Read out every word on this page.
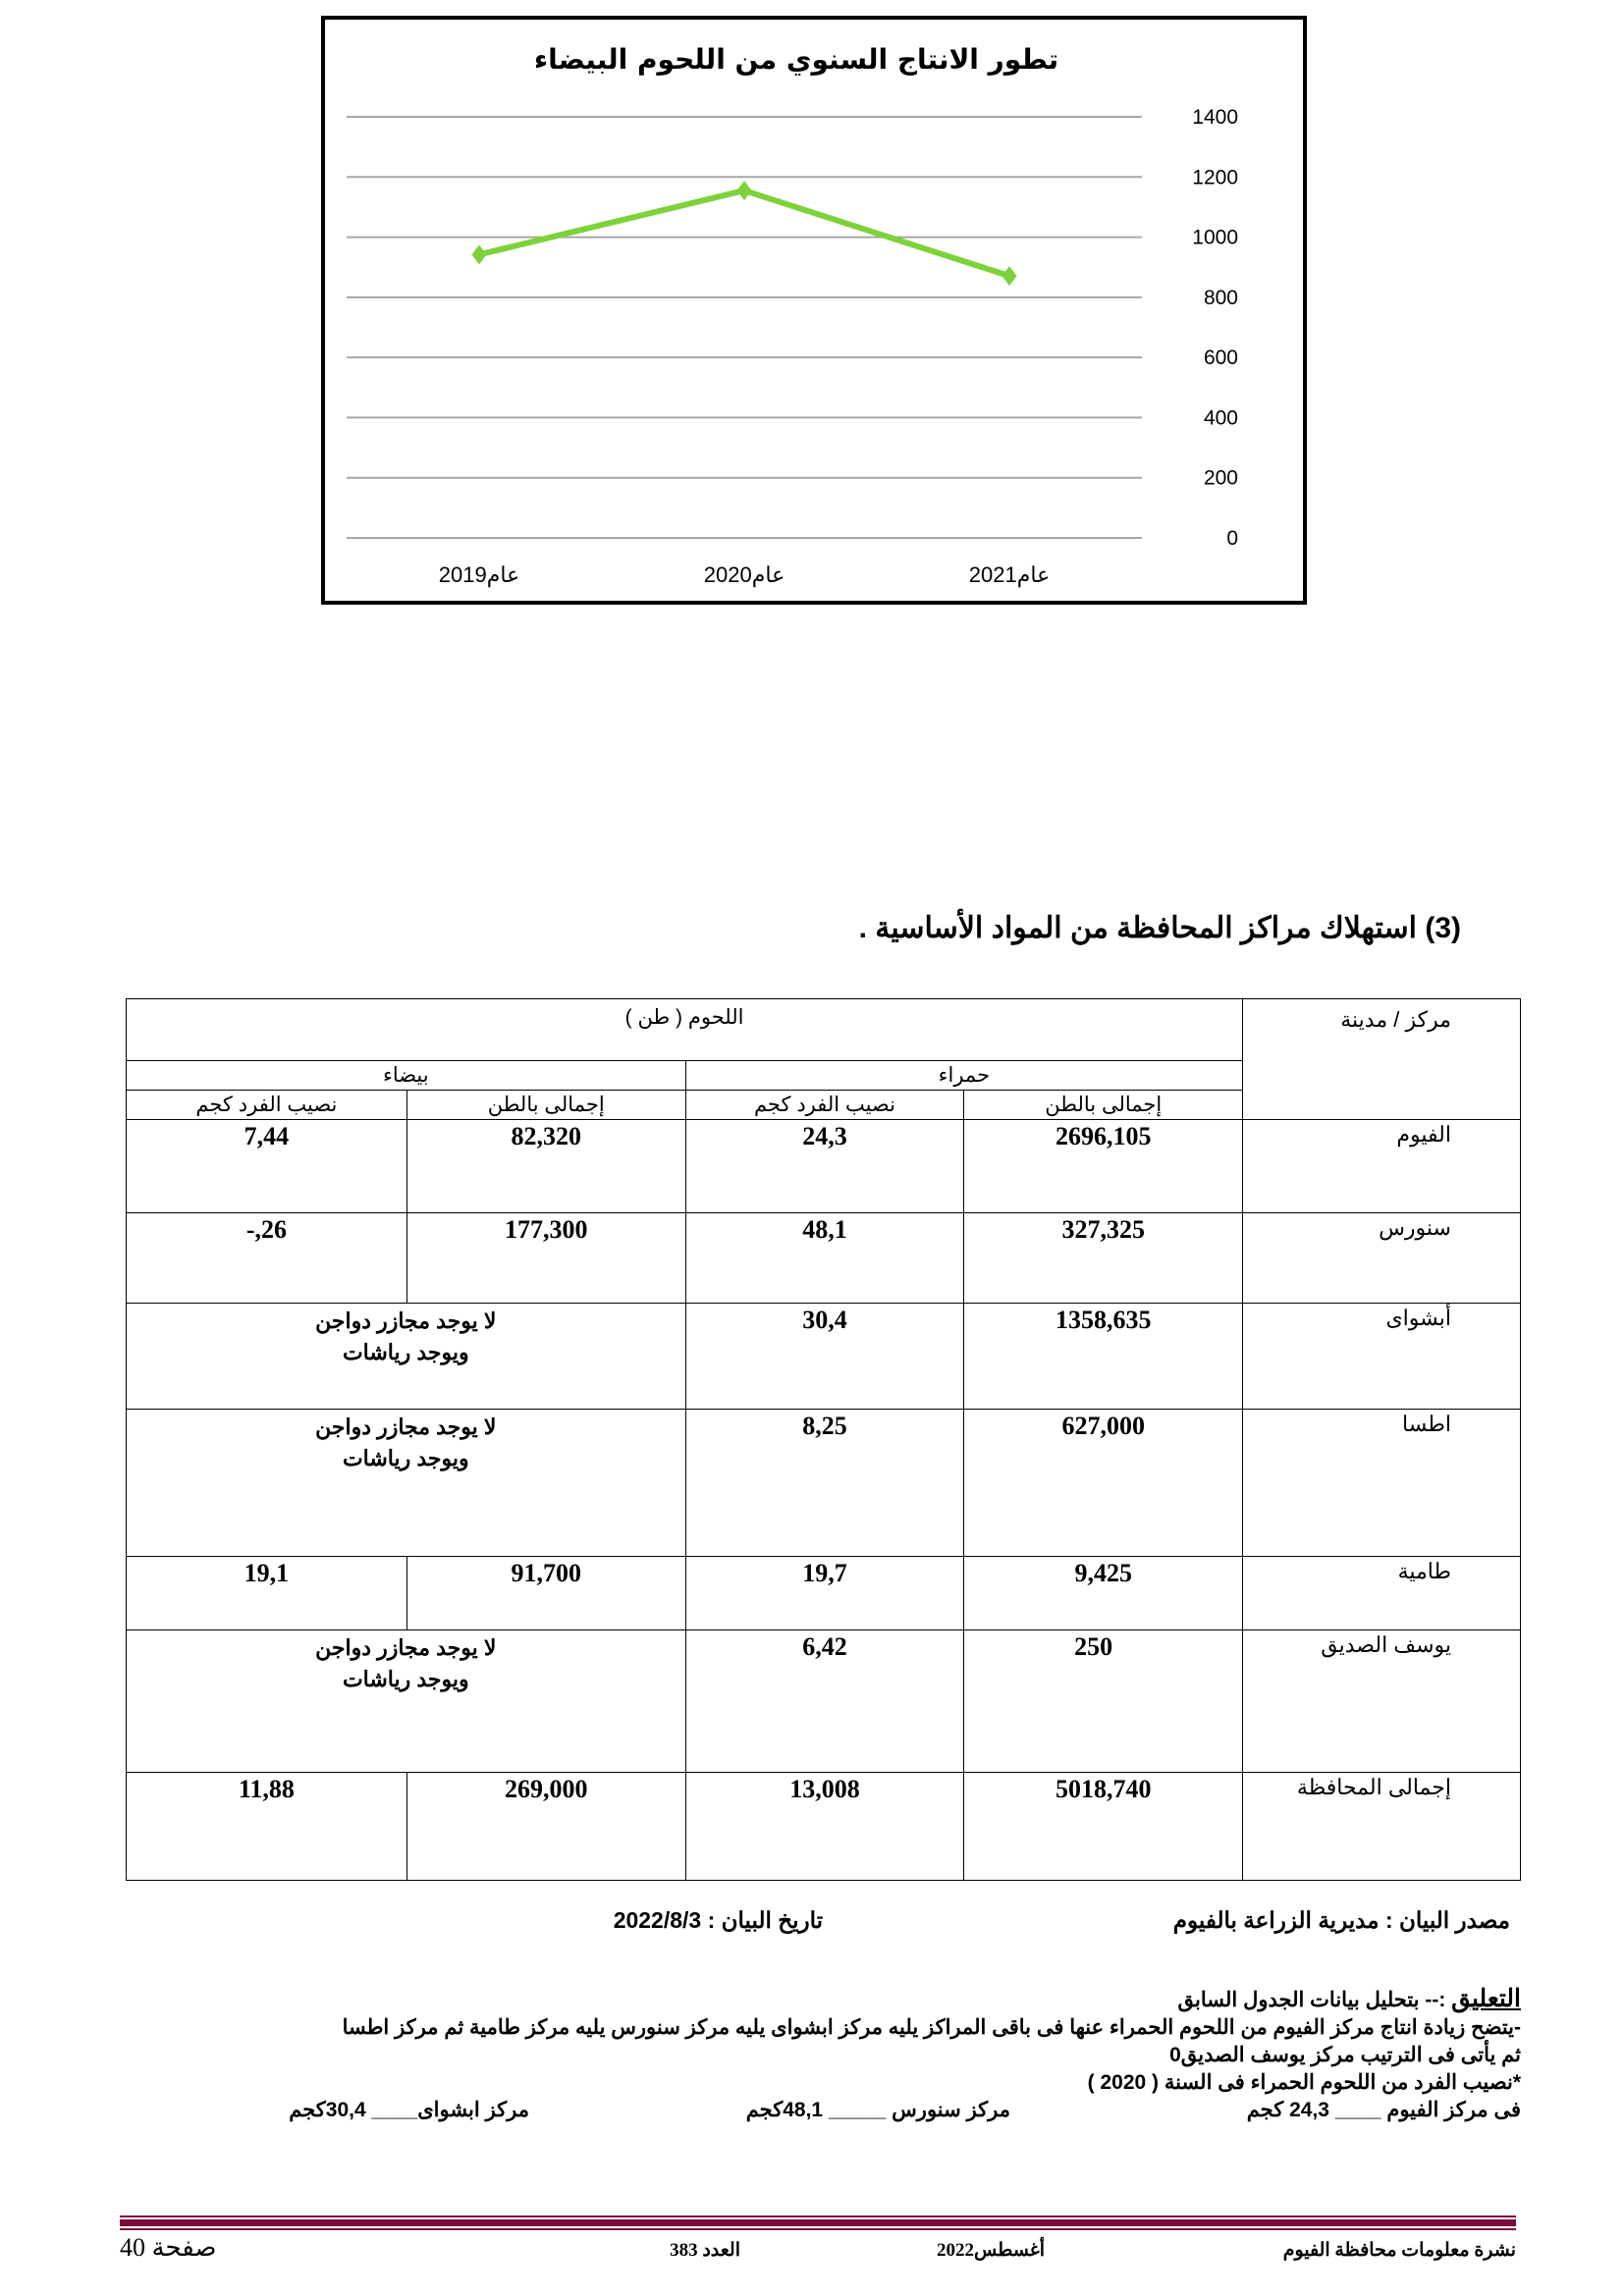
تطور الانتاج السنوي من اللحوم البيضاء
0
200
400
600
800
1000
1200
1400
عام2019	عام2020	عام2021
(3) استهلاك مراكز المحافظة من المواد الأساسية .
مركز / مدينة	اللحوم ( طن )			
	حمراء		بيضاء	
	إجمالى بالطن	نصيب الفرد كجم	إجمالى بالطن	نصيب الفرد كجم
الفيوم	2696,105	24,3	82,320	7,44
سنورس	327,325	48,1	177,300	26,-
أبشواى	1358,635	30,4	لا يوجد مجازر دواجن
ويوجد رياشات	

اطسا	627,000	8,25	لا يوجد مجازر دواجن
ويوجد رياشات	

طامية	9,425	19,7	91,700	19,1
يوسف الصديق	250ِ	6,42	لا يوجد مجازر دواجن
ويوجد رياشات	

إجمالى المحافظة	5018,740	13,008	269,000	11,88
مصدر البيان : مديرية الزراعة بالفيوم
تاريخ البيان : 2022/8/3
التعليق :-- بتحليل بيانات الجدول السابق
-يتضح زيادة انتاج مركز الفيوم من اللحوم الحمراء عنها فى باقى المراكز يليه مركز ابشواى يليه مركز سنورس يليه مركز طامية ثم مركز اطسا
ثم يأتى فى الترتيب مركز يوسف الصديق0
*نصيب الفرد من اللحوم الحمراء فى السنة ( 2020 )
فى مركز الفيوم ____ 24,3 كجم
مركز سنورس _____ 48,1كجم
مركز ابشواى____ 30,4كجم
نشرة معلومات محافظة الفيوم
أغسطس2022
العدد 383
صفحة 40
